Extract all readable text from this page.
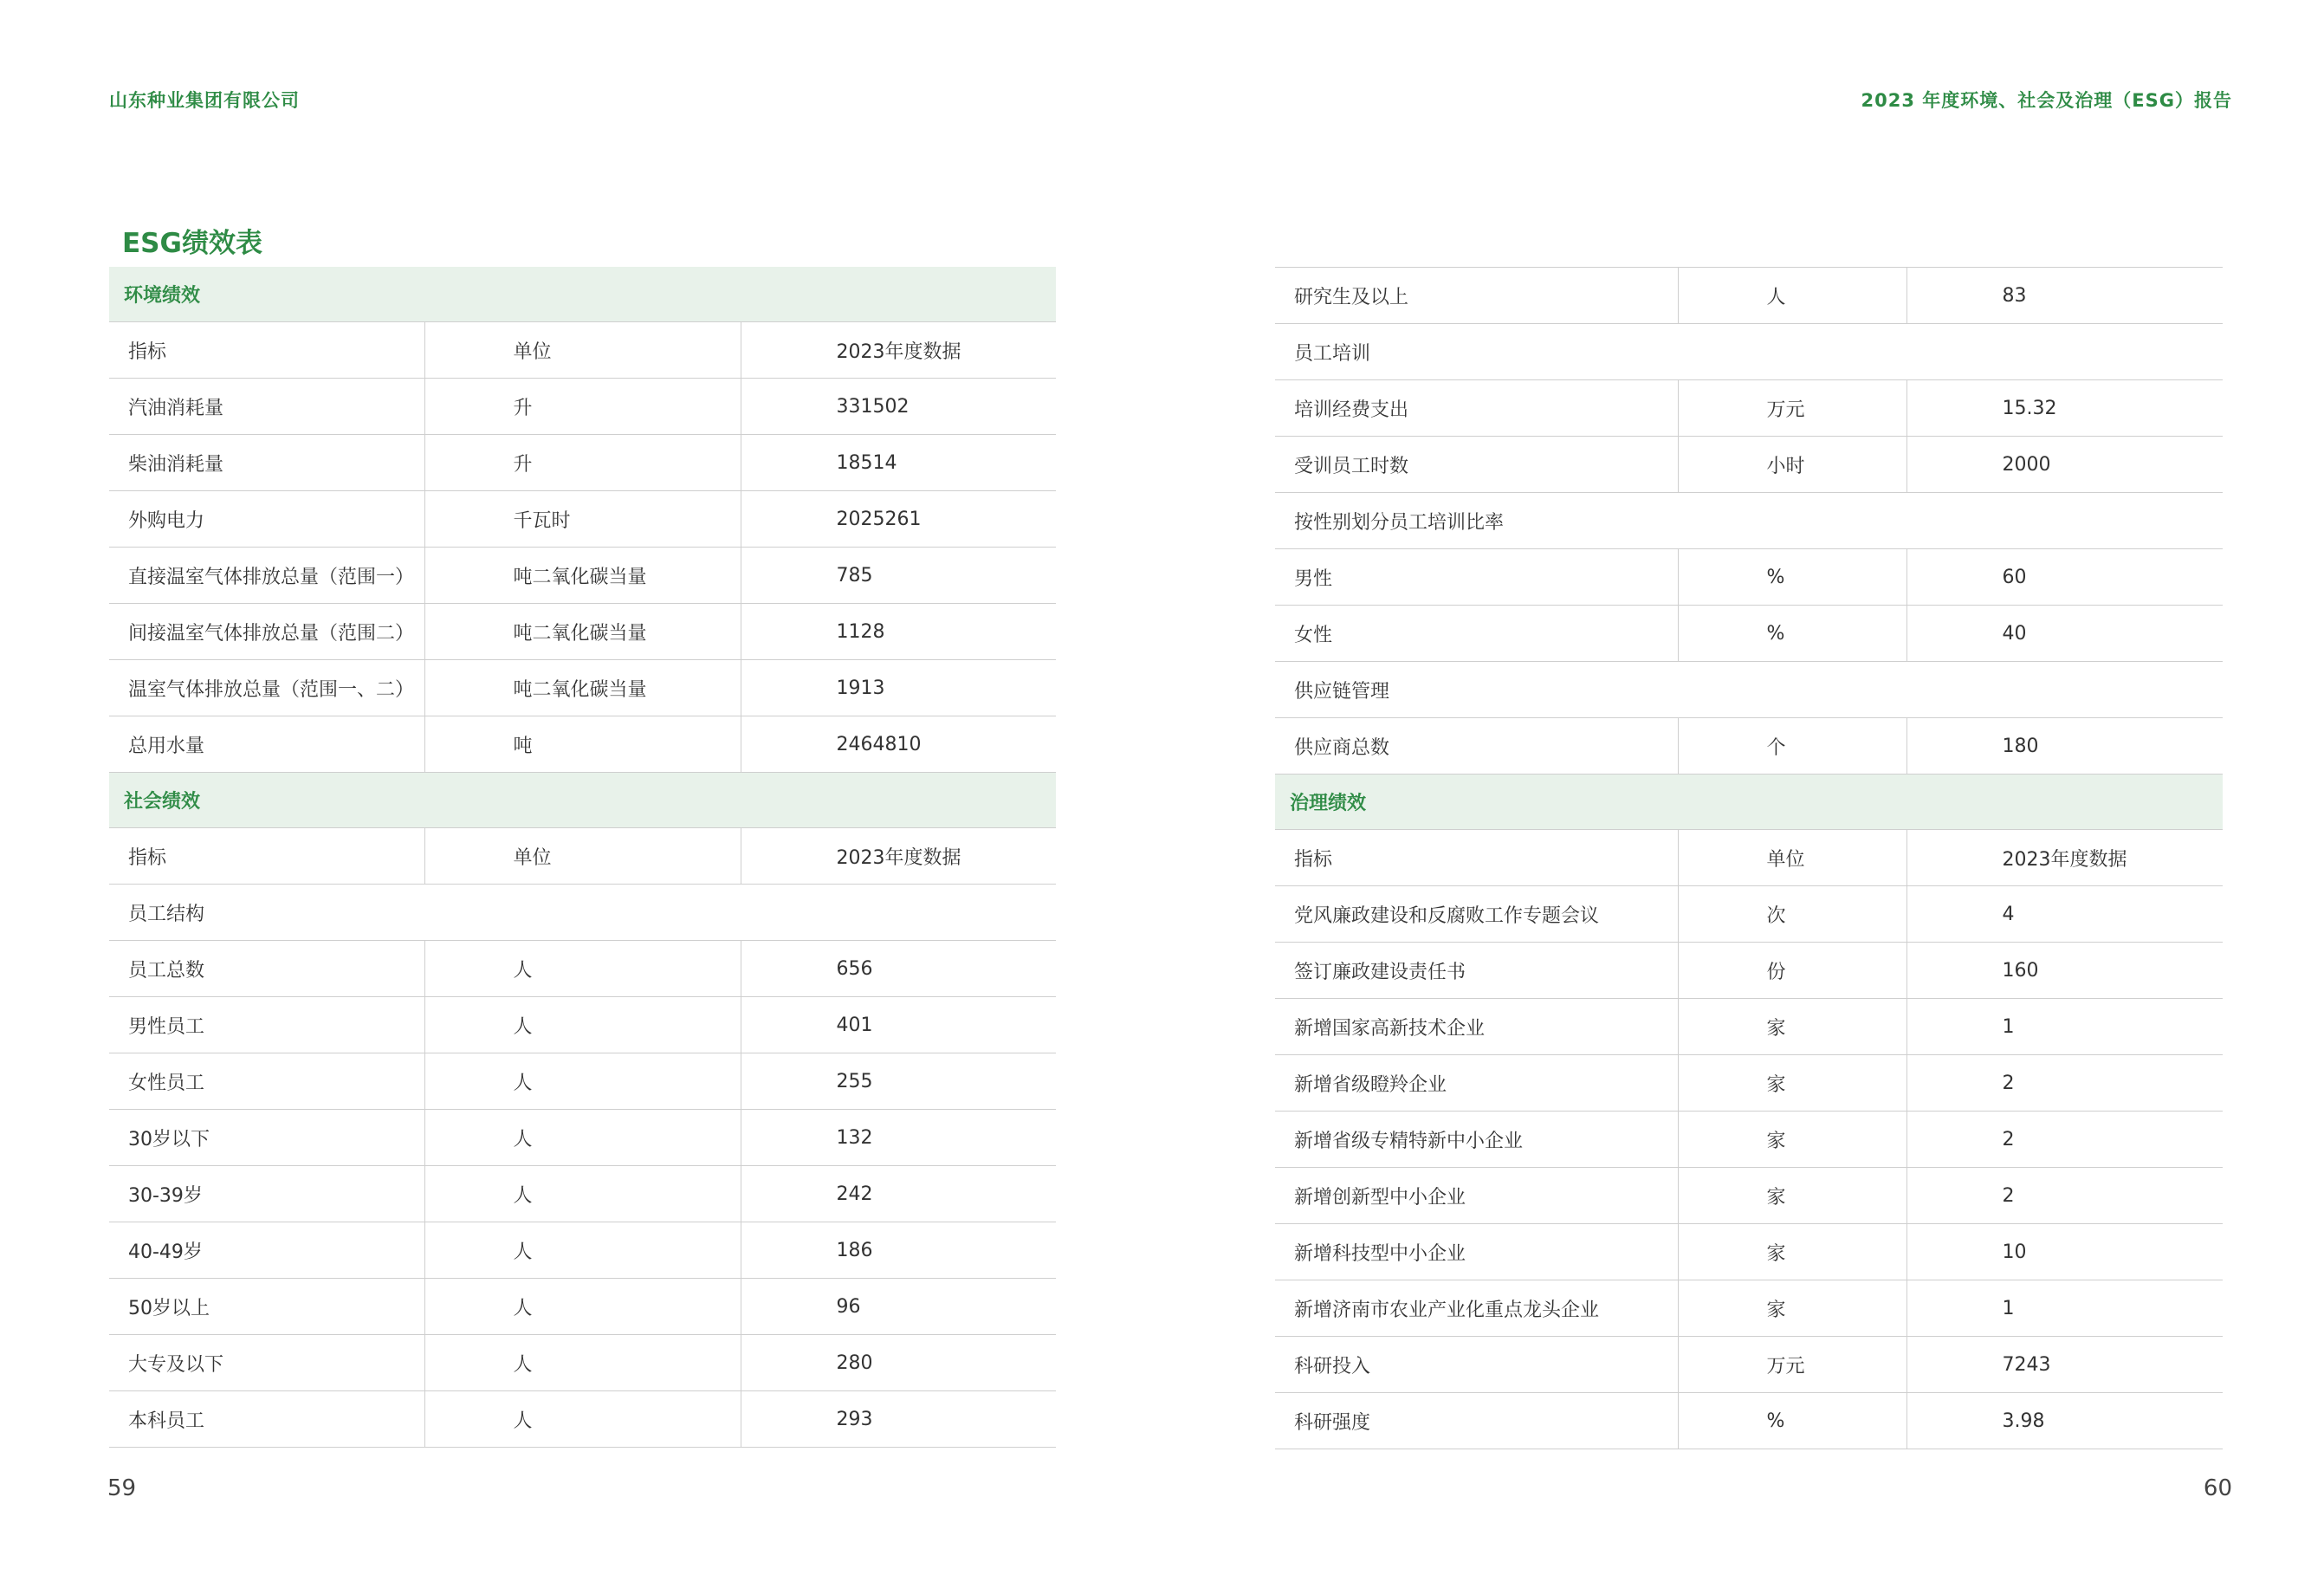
山东种业集团有限公司	2023 年度环境、社会及治理（ESG）报告
ESG绩效表
环境绩效		
指标	单位	2023年度数据
汽油消耗量	升	331502
柴油消耗量	升	18514
外购电力	千瓦时	2025261
直接温室气体排放总量（范围一）	吨二氧化碳当量	785
间接温室气体排放总量（范围二）	吨二氧化碳当量	1128
温室气体排放总量（范围一、二）	吨二氧化碳当量	1913
总用水量	吨	2464810
社会绩效		
指标	单位	2023年度数据
员工结构		
员工总数	人	656
男性员工	人	401
女性员工	人	255
30岁以下	人	132
30-39岁	人	242
40-49岁	人	186
50岁以上	人	96
大专及以下	人	280
本科员工	人	293
研究生及以上	人	83
员工培训		
培训经费支出	万元	15.32
受训员工时数	小时	2000
按性别划分员工培训比率		
男性	%	60
女性	%	40
供应链管理		
供应商总数	个	180
治理绩效		
指标	单位	2023年度数据
党风廉政建设和反腐败工作专题会议	次	4
签订廉政建设责任书	份	160
新增国家高新技术企业	家	1
新增省级瞪羚企业	家	2
新增省级专精特新中小企业	家	2
新增创新型中小企业	家	2
新增科技型中小企业	家	10
新增济南市农业产业化重点龙头企业	家	1
科研投入	万元	7243
科研强度	%	3.98
59	60
